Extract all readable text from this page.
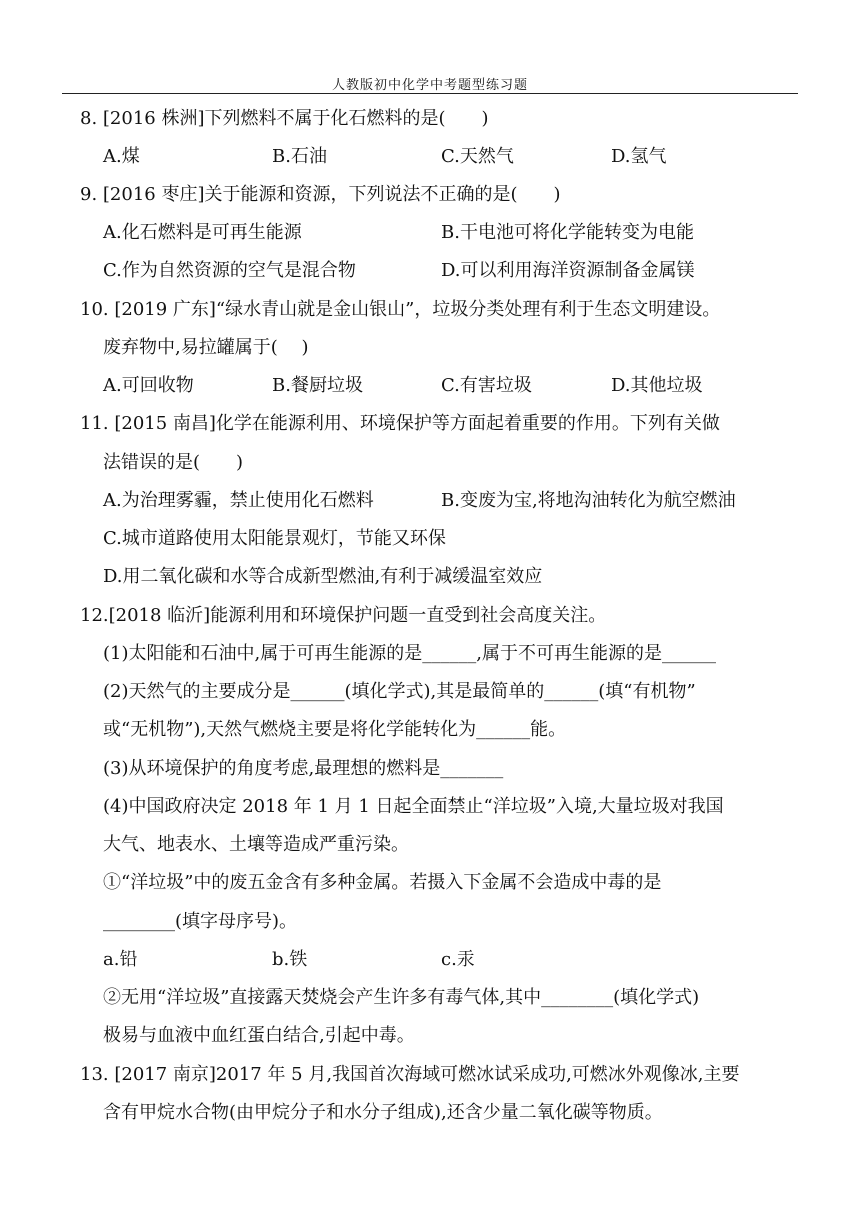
人教版初中化学中考题型练习题
8. [2016 株洲]下列燃料不属于化石燃料的是(　　)
A.煤	B.石油	C.天然气	D.氢气
9. [2016 枣庄]关于能源和资源，下列说法不正确的是(　　)
A.化石燃料是可再生能源	B.干电池可将化学能转变为电能
C.作为自然资源的空气是混合物	D.可以利用海洋资源制备金属镁
10. [2019 广东]“绿水青山就是金山银山”，垃圾分类处理有利于生态文明建设。
废弃物中,易拉罐属于(　 )
A.可回收物	B.餐厨垃圾	C.有害垃圾	D.其他垃圾
11. [2015 南昌]化学在能源利用、环境保护等方面起着重要的作用。下列有关做
法错误的是(　　)
A.为治理雾霾，禁止使用化石燃料	B.变废为宝,将地沟油转化为航空燃油
C.城市道路使用太阳能景观灯，节能又环保
D.用二氧化碳和水等合成新型燃油,有利于减缓温室效应
12.[2018 临沂]能源利用和环境保护问题一直受到社会高度关注。
(1)太阳能和石油中,属于可再生能源的是______,属于不可再生能源的是______
(2)天然气的主要成分是______(填化学式),其是最简单的______(填“有机物”
或“无机物”),天然气燃烧主要是将化学能转化为______能。
(3)从环境保护的角度考虑,最理想的燃料是_______
(4)中国政府决定 2018 年 1 月 1 日起全面禁止“洋垃圾”入境,大量垃圾对我国
大气、地表水、土壤等造成严重污染。
①“洋垃圾”中的废五金含有多种金属。若摄入下金属不会造成中毒的是
________(填字母序号)。
a.铅	b.铁	c.汞
②无用“洋垃圾”直接露天焚烧会产生许多有毒气体,其中________(填化学式)
极易与血液中血红蛋白结合,引起中毒。
13. [2017 南京]2017 年 5 月,我国首次海域可燃冰试采成功,可燃冰外观像冰,主要
含有甲烷水合物(由甲烷分子和水分子组成),还含少量二氧化碳等物质。
